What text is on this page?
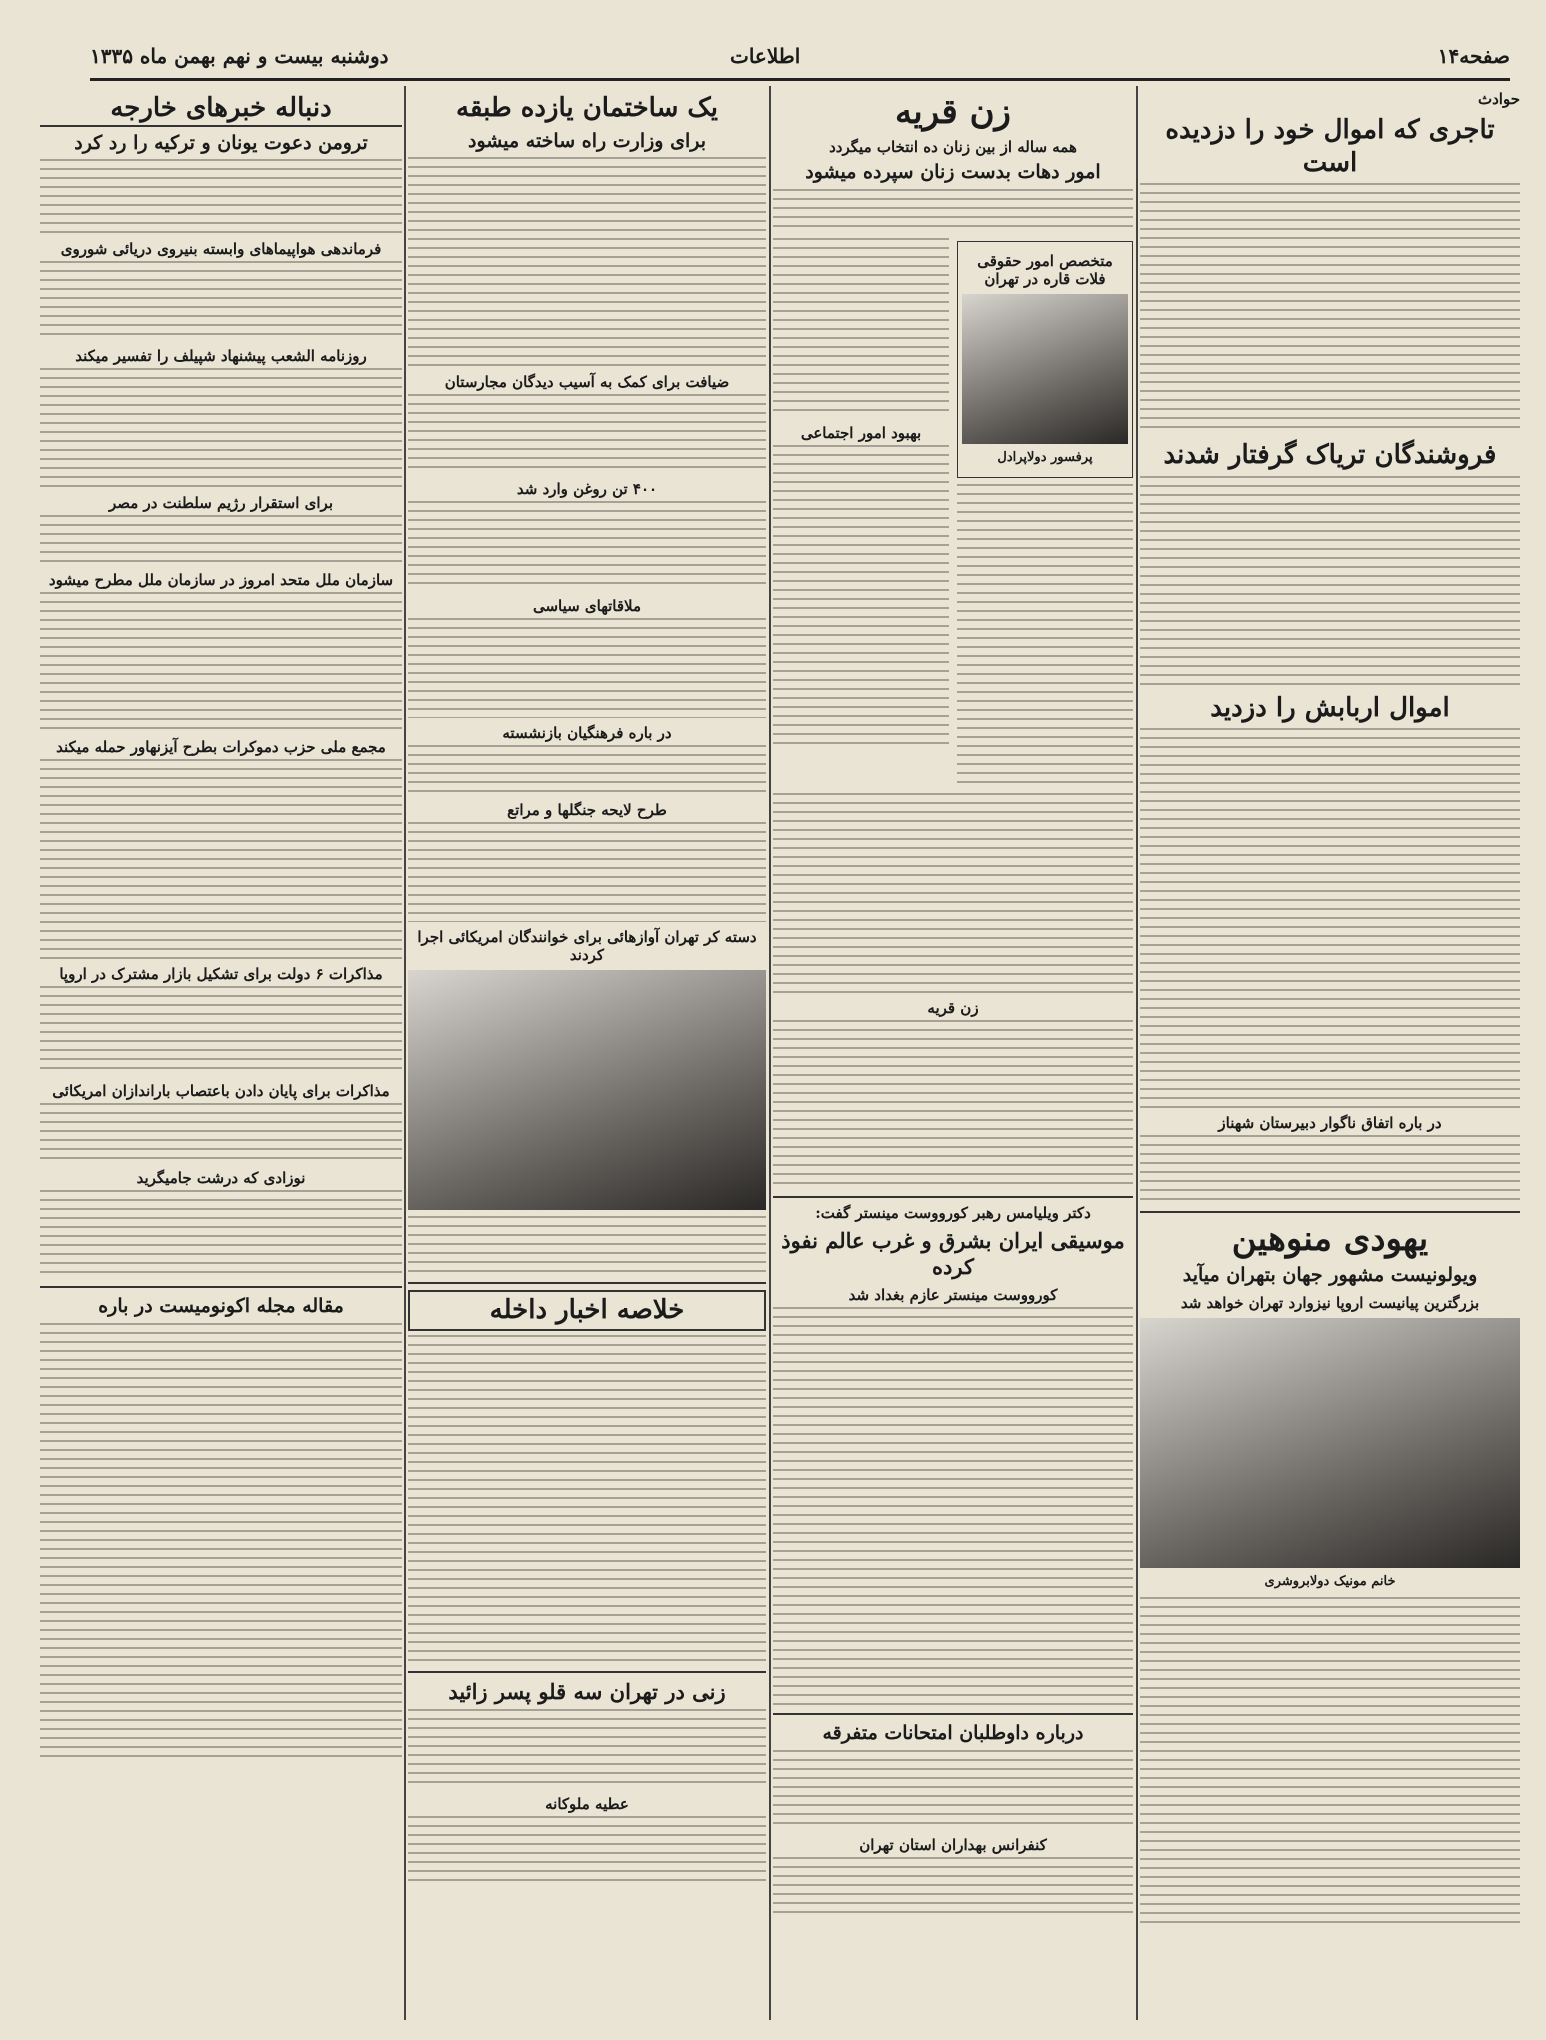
صفحه۱۴
اطلاعات
دوشنبه بیست و نهم بهمن ماه ۱۳۳۵
حوادث
تاجری که اموال خود را دزدیده است
فروشندگان تریاک گرفتار شدند
اموال اربابش را دزدید
در باره اتفاق ناگوار دبیرستان شهناز
یهودی منوهین
ویولونیست مشهور جهان بتهران میآید
بزرگترین پیانیست اروپا نیزوارد تهران خواهد شد
خانم مونیک دولابروشری
زن قریه
همه ساله از بین زنان ده انتخاب میگردد
امور دهات بدست زنان سپرده میشود
متخصص امور حقوقی فلات قاره در تهران
پرفسور دولاپرادل
بهبود امور اجتماعی
زن قریه
دکتر ویلیامس رهبر کورووست مینستر گفت:
موسیقی ایران بشرق و غرب عالم نفوذ کرده
کورووست مینستر عازم بغداد شد
درباره داوطلبان امتحانات متفرقه
کنفرانس بهداران استان تهران
یک ساختمان یازده طبقه
برای وزارت راه ساخته میشود
ضیافت برای کمک به آسیب دیدگان مجارستان
۴۰۰ تن روغن وارد شد
ملاقاتهای سیاسی
در باره فرهنگیان بازنشسته
طرح لایحه جنگلها و مراتع
دسته کر تهران آوازهائی برای خوانندگان امریکائی اجرا کردند
خلاصه اخبار داخله
زنی در تهران سه قلو پسر زائید
عطیه ملوکانه
دنباله خبرهای خارجه
ترومن دعوت یونان و ترکیه را رد کرد
فرماندهی هواپیماهای وابسته بنیروی دریائی شوروی
روزنامه الشعب پیشنهاد شپیلف را تفسیر میکند
برای استقرار رژیم سلطنت در مصر
سازمان ملل متحد امروز در سازمان ملل مطرح میشود
مجمع ملی حزب دموکرات بطرح آیزنهاور حمله میکند
مذاکرات ۶ دولت برای تشکیل بازار مشترک در اروپا
مذاکرات برای پایان دادن باعتصاب باراندازان امریکائی
نوزادی که درشت جامیگرید
مقاله مجله اکونومیست در باره
